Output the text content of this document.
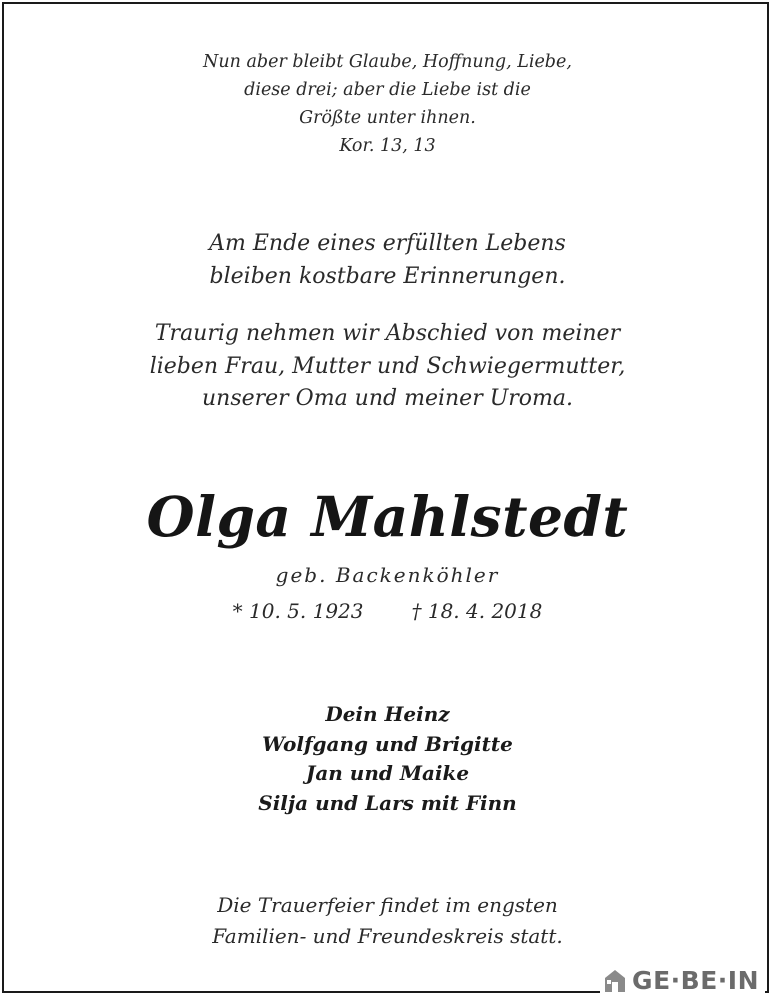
Nun aber bleibt Glaube, Hoffnung, Liebe,
diese drei; aber die Liebe ist die
Größte unter ihnen.
Kor. 13, 13
Am Ende eines erfüllten Lebens
bleiben kostbare Erinnerungen.
Traurig nehmen wir Abschied von meiner
lieben Frau, Mutter und Schwiegermutter,
unserer Oma und meiner Uroma.
Olga Mahlstedt
geb. Backenköhler
* 10. 5. 1923 † 18. 4. 2018
Dein Heinz
Wolfgang und Brigitte
Jan und Maike
Silja und Lars mit Finn
Die Trauerfeier findet im engsten
Familien- und Freundeskreis statt.
GE·BE·IN
